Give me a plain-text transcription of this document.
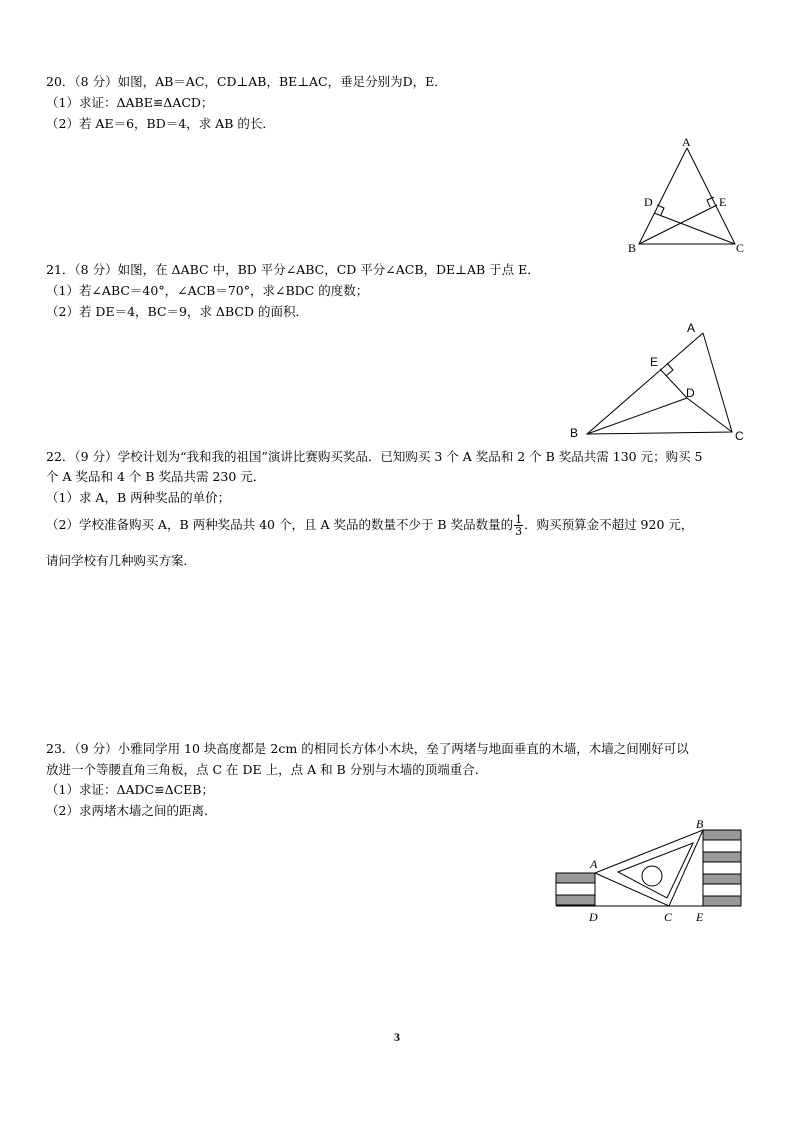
20．（8 分）如图，AB＝AC，CD⊥AB，BE⊥AC，垂足分别为D，E．
（1）求证：ΔABE≌ΔACD；
（2）若 AE＝6，BD＝4，求 AB 的长．
A
B	C
D	E
21．（8 分）如图，在 ΔABC 中，BD 平分∠ABC，CD 平分∠ACB，DE⊥AB 于点 E．
（1）若∠ABC＝40°，∠ACB＝70°，求∠BDC 的度数；
（2）若 DE＝4，BC＝9，求 ΔBCD 的面积．
A
B	C
D
E
22．（9 分）学校计划为“我和我的祖国”演讲比赛购买奖品．已知购买 3 个 A 奖品和 2 个 B 奖品共需 130 元；购买 5
个 A 奖品和 4 个 B 奖品共需 230 元．
（1）求 A，B 两种奖品的单价；
（2）学校准备购买 A，B 两种奖品共 40 个，且 A 奖品的数量不少于 B 奖品数量的 $\frac{1}{3}$ ．购买预算金不超过 920 元，
请问学校有几种购买方案．
23．（9 分）小雅同学用 10 块高度都是 2cm 的相同长方体小木块，垒了两堵与地面垂直的木墙，木墙之间刚好可以
放进一个等腰直角三角板，点 C 在 DE 上，点 A 和 B 分别与木墙的顶端重合．
（1）求证：ΔADC≌ΔCEB；
（2）求两堵木墙之间的距离．
A
B
C
D	E
3
